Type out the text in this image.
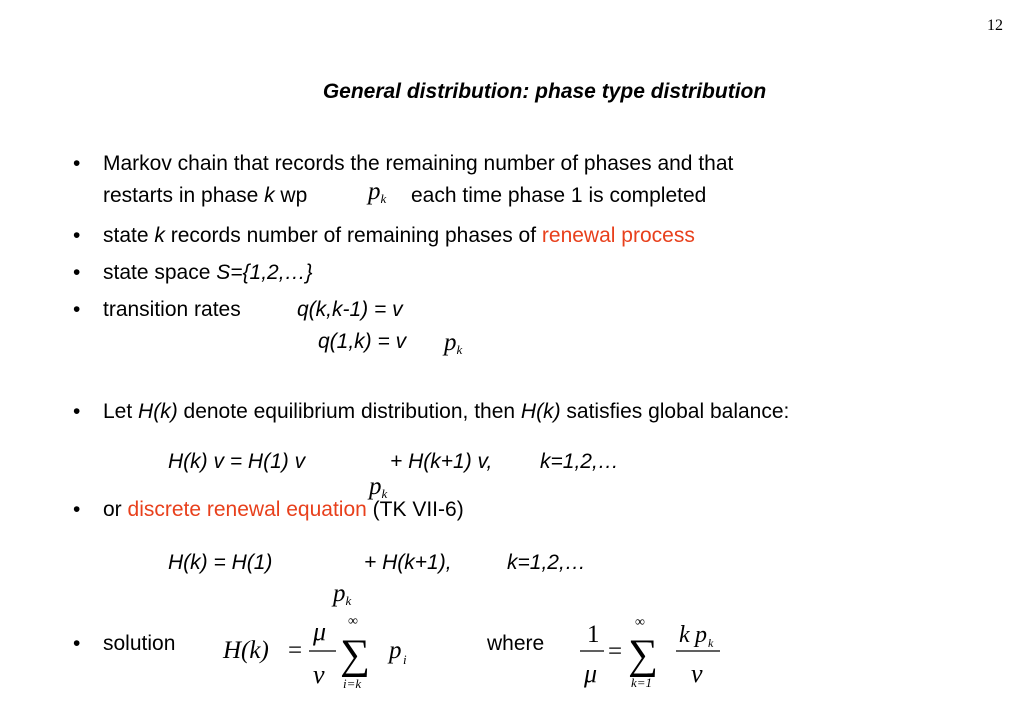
12
General distribution: phase type distribution
• Markov chain that records the remaining number of phases and that
restarts in phase k wp $p_k$ each time phase 1 is completed
• state k records number of remaining phases of renewal process
• state space S={1,2,…}
• transition rates	q(k,k-1) = v
q(1,k) = v $p_k$
• Let H(k) denote equilibrium distribution, then H(k) satisfies global balance:
H(k) v = H(1) v	+ H(k+1) v, k=1,2,…
$p_k$
• or discrete renewal equation (TK VII-6)
H(k) = H(1)	+ H(k+1),	k=1,2,…
$p_k$
• solution	where
H(k) =
μ
ν
∞
∑
i=k
p i
1
μ
=
∞
∑
k=1
k p k
ν
